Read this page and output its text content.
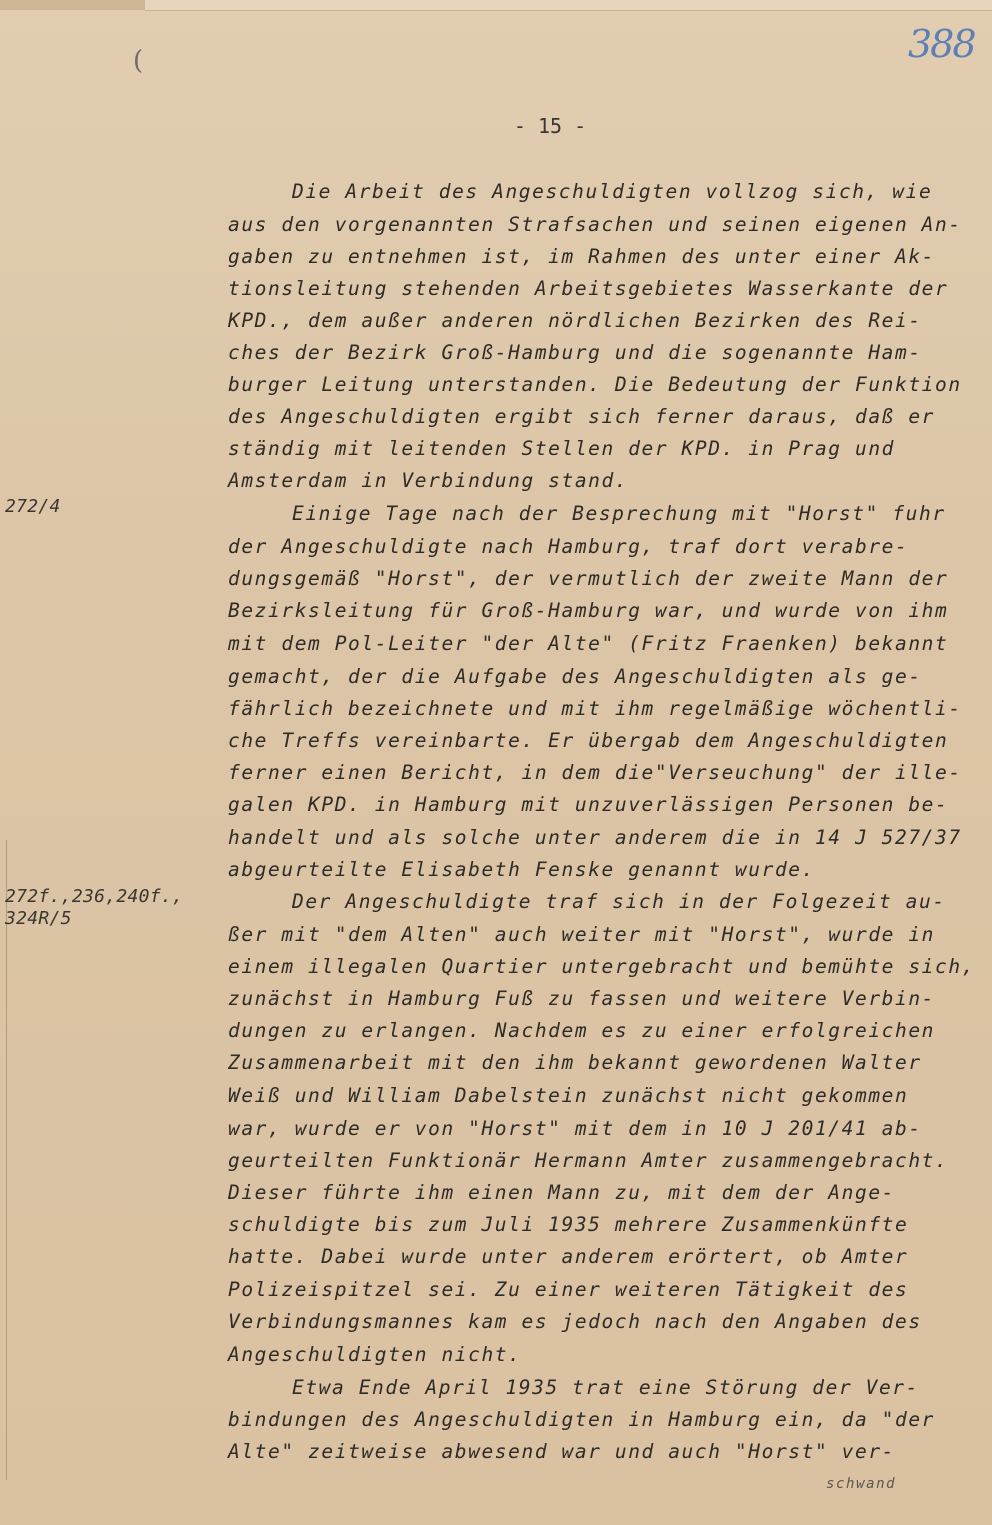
(	388
- 15 -
272/4
272f.,236,240f.,
324R/5
Die Arbeit des Angeschuldigten vollzog sich, wie
aus den vorgenannten Strafsachen und seinen eigenen An-
gaben zu entnehmen ist, im Rahmen des unter einer Ak-
tionsleitung stehenden Arbeitsgebietes Wasserkante der
KPD., dem außer anderen nördlichen Bezirken des Rei-
ches der Bezirk Groß-Hamburg und die sogenannte Ham-
burger Leitung unterstanden. Die Bedeutung der Funktion
des Angeschuldigten ergibt sich ferner daraus, daß er
ständig mit leitenden Stellen der KPD. in Prag und
Amsterdam in Verbindung stand.
Einige Tage nach der Besprechung mit "Horst" fuhr
der Angeschuldigte nach Hamburg, traf dort verabre-
dungsgemäß "Horst", der vermutlich der zweite Mann der
Bezirksleitung für Groß-Hamburg war, und wurde von ihm
mit dem Pol-Leiter "der Alte" (Fritz Fraenken) bekannt
gemacht, der die Aufgabe des Angeschuldigten als ge-
fährlich bezeichnete und mit ihm regelmäßige wöchentli-
che Treffs vereinbarte. Er übergab dem Angeschuldigten
ferner einen Bericht, in dem die"Verseuchung" der ille-
galen KPD. in Hamburg mit unzuverlässigen Personen be-
handelt und als solche unter anderem die in 14 J 527/37
abgeurteilte Elisabeth Fenske genannt wurde.
Der Angeschuldigte traf sich in der Folgezeit au-
ßer mit "dem Alten" auch weiter mit "Horst", wurde in
einem illegalen Quartier untergebracht und bemühte sich,
zunächst in Hamburg Fuß zu fassen und weitere Verbin-
dungen zu erlangen. Nachdem es zu einer erfolgreichen
Zusammenarbeit mit den ihm bekannt gewordenen Walter
Weiß und William Dabelstein zunächst nicht gekommen
war, wurde er von "Horst" mit dem in 10 J 201/41 ab-
geurteilten Funktionär Hermann Amter zusammengebracht.
Dieser führte ihm einen Mann zu, mit dem der Ange-
schuldigte bis zum Juli 1935 mehrere Zusammenkünfte
hatte. Dabei wurde unter anderem erörtert, ob Amter
Polizeispitzel sei. Zu einer weiteren Tätigkeit des
Verbindungsmannes kam es jedoch nach den Angaben des
Angeschuldigten nicht.
Etwa Ende April 1935 trat eine Störung der Ver-
bindungen des Angeschuldigten in Hamburg ein, da "der
Alte" zeitweise abwesend war und auch "Horst" ver-
schwand
